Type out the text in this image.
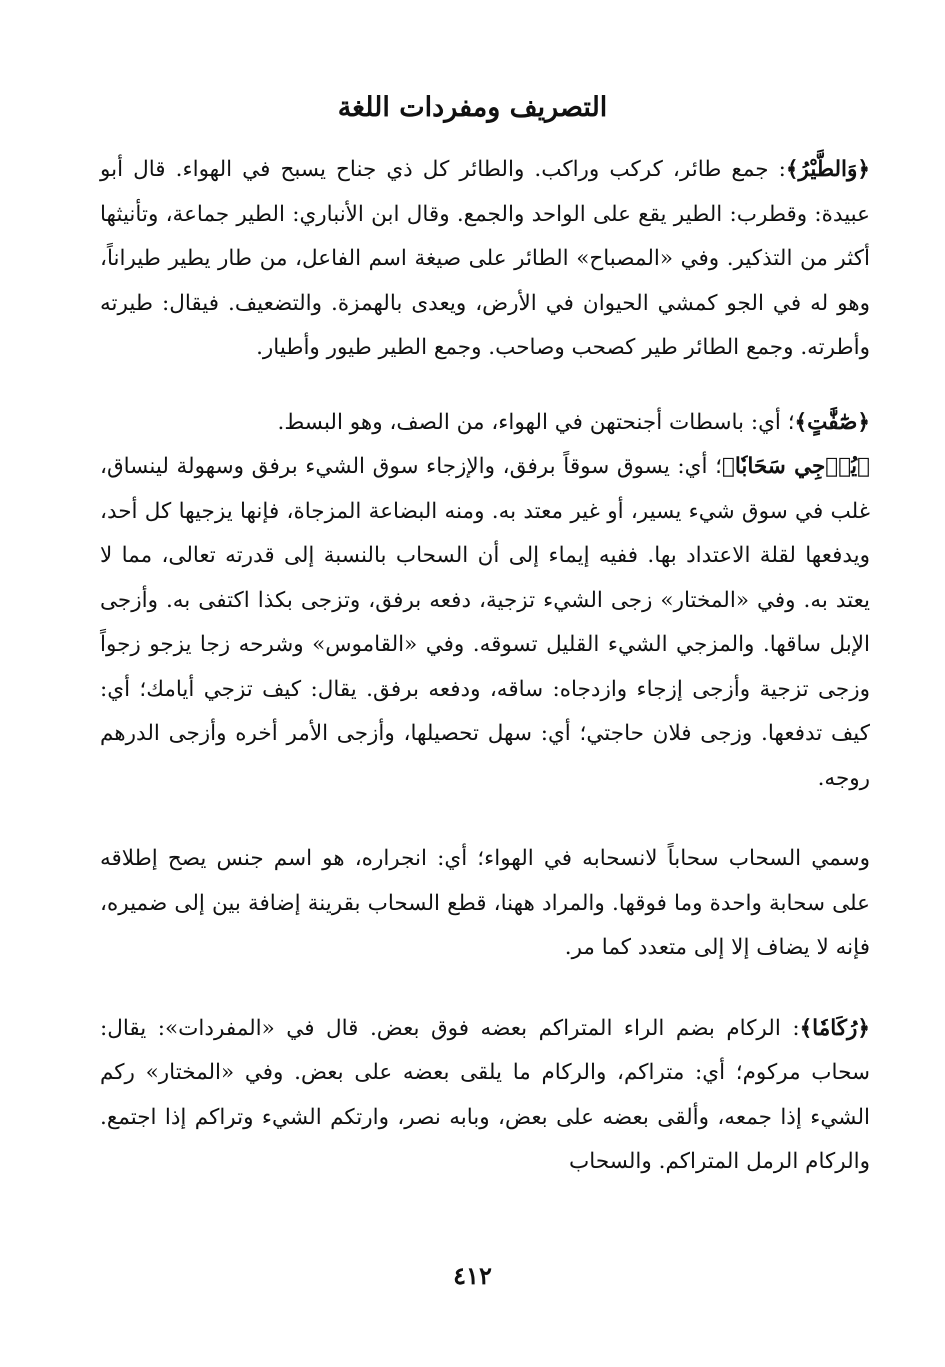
التصريف ومفردات اللغة

﴿وَالطَّيْرُ﴾: جمع طائر، كركب وراكب. والطائر كل ذي جناح يسبح في الهواء. قال أبو عبيدة: وقطرب: الطير يقع على الواحد والجمع. وقال ابن الأنباري: الطير جماعة، وتأنيثها أكثر من التذكير. وفي «المصباح» الطائر على صيغة اسم الفاعل، من طار يطير طيراناً، وهو له في الجو كمشي الحيوان في الأرض، ويعدى بالهمزة. والتضعيف. فيقال: طيرته وأطرته. وجمع الطائر طير كصحب وصاحب. وجمع الطير طيور وأطيار.

﴿صَٰٓفَّٰتٍ﴾؛ أي: باسطات أجنحتهن في الهواء، من الصف، وهو البسط.

﴿يُزۡجِي سَحَابٗا﴾؛ أي: يسوق سوقاً برفق، والإزجاء سوق الشيء برفق وسهولة لينساق، غلب في سوق شيء يسير، أو غير معتد به. ومنه البضاعة المزجاة، فإنها يزجيها كل أحد، ويدفعها لقلة الاعتداد بها. ففيه إيماء إلى أن السحاب بالنسبة إلى قدرته تعالى، مما لا يعتد به. وفي «المختار» زجى الشيء تزجية، دفعه برفق، وتزجى بكذا اكتفى به. وأزجى الإبل ساقها. والمزجي الشيء القليل تسوقه. وفي «القاموس» وشرحه زجا يزجو زجواً وزجى تزجية وأزجى إزجاء وازدجاه: ساقه، ودفعه برفق. يقال: كيف تزجي أيامك؛ أي: كيف تدفعها. وزجى فلان حاجتي؛ أي: سهل تحصيلها، وأزجى الأمر أخره وأزجى الدرهم روجه.

وسمي السحاب سحاباً لانسحابه في الهواء؛ أي: انجراره، هو اسم جنس يصح إطلاقه على سحابة واحدة وما فوقها. والمراد ههنا، قطع السحاب بقرينة إضافة بين إلى ضميره، فإنه لا يضاف إلا إلى متعدد كما مر.

﴿رُكَامٗا﴾: الركام بضم الراء المتراكم بعضه فوق بعض. قال في «المفردات»: يقال: سحاب مركوم؛ أي: متراكم، والركام ما يلقى بعضه على بعض. وفي «المختار» ركم الشيء إذا جمعه، وألقى بعضه على بعض، وبابه نصر، وارتكم الشيء وتراكم إذا اجتمع. والركام الرمل المتراكم. والسحاب

٤١٢
